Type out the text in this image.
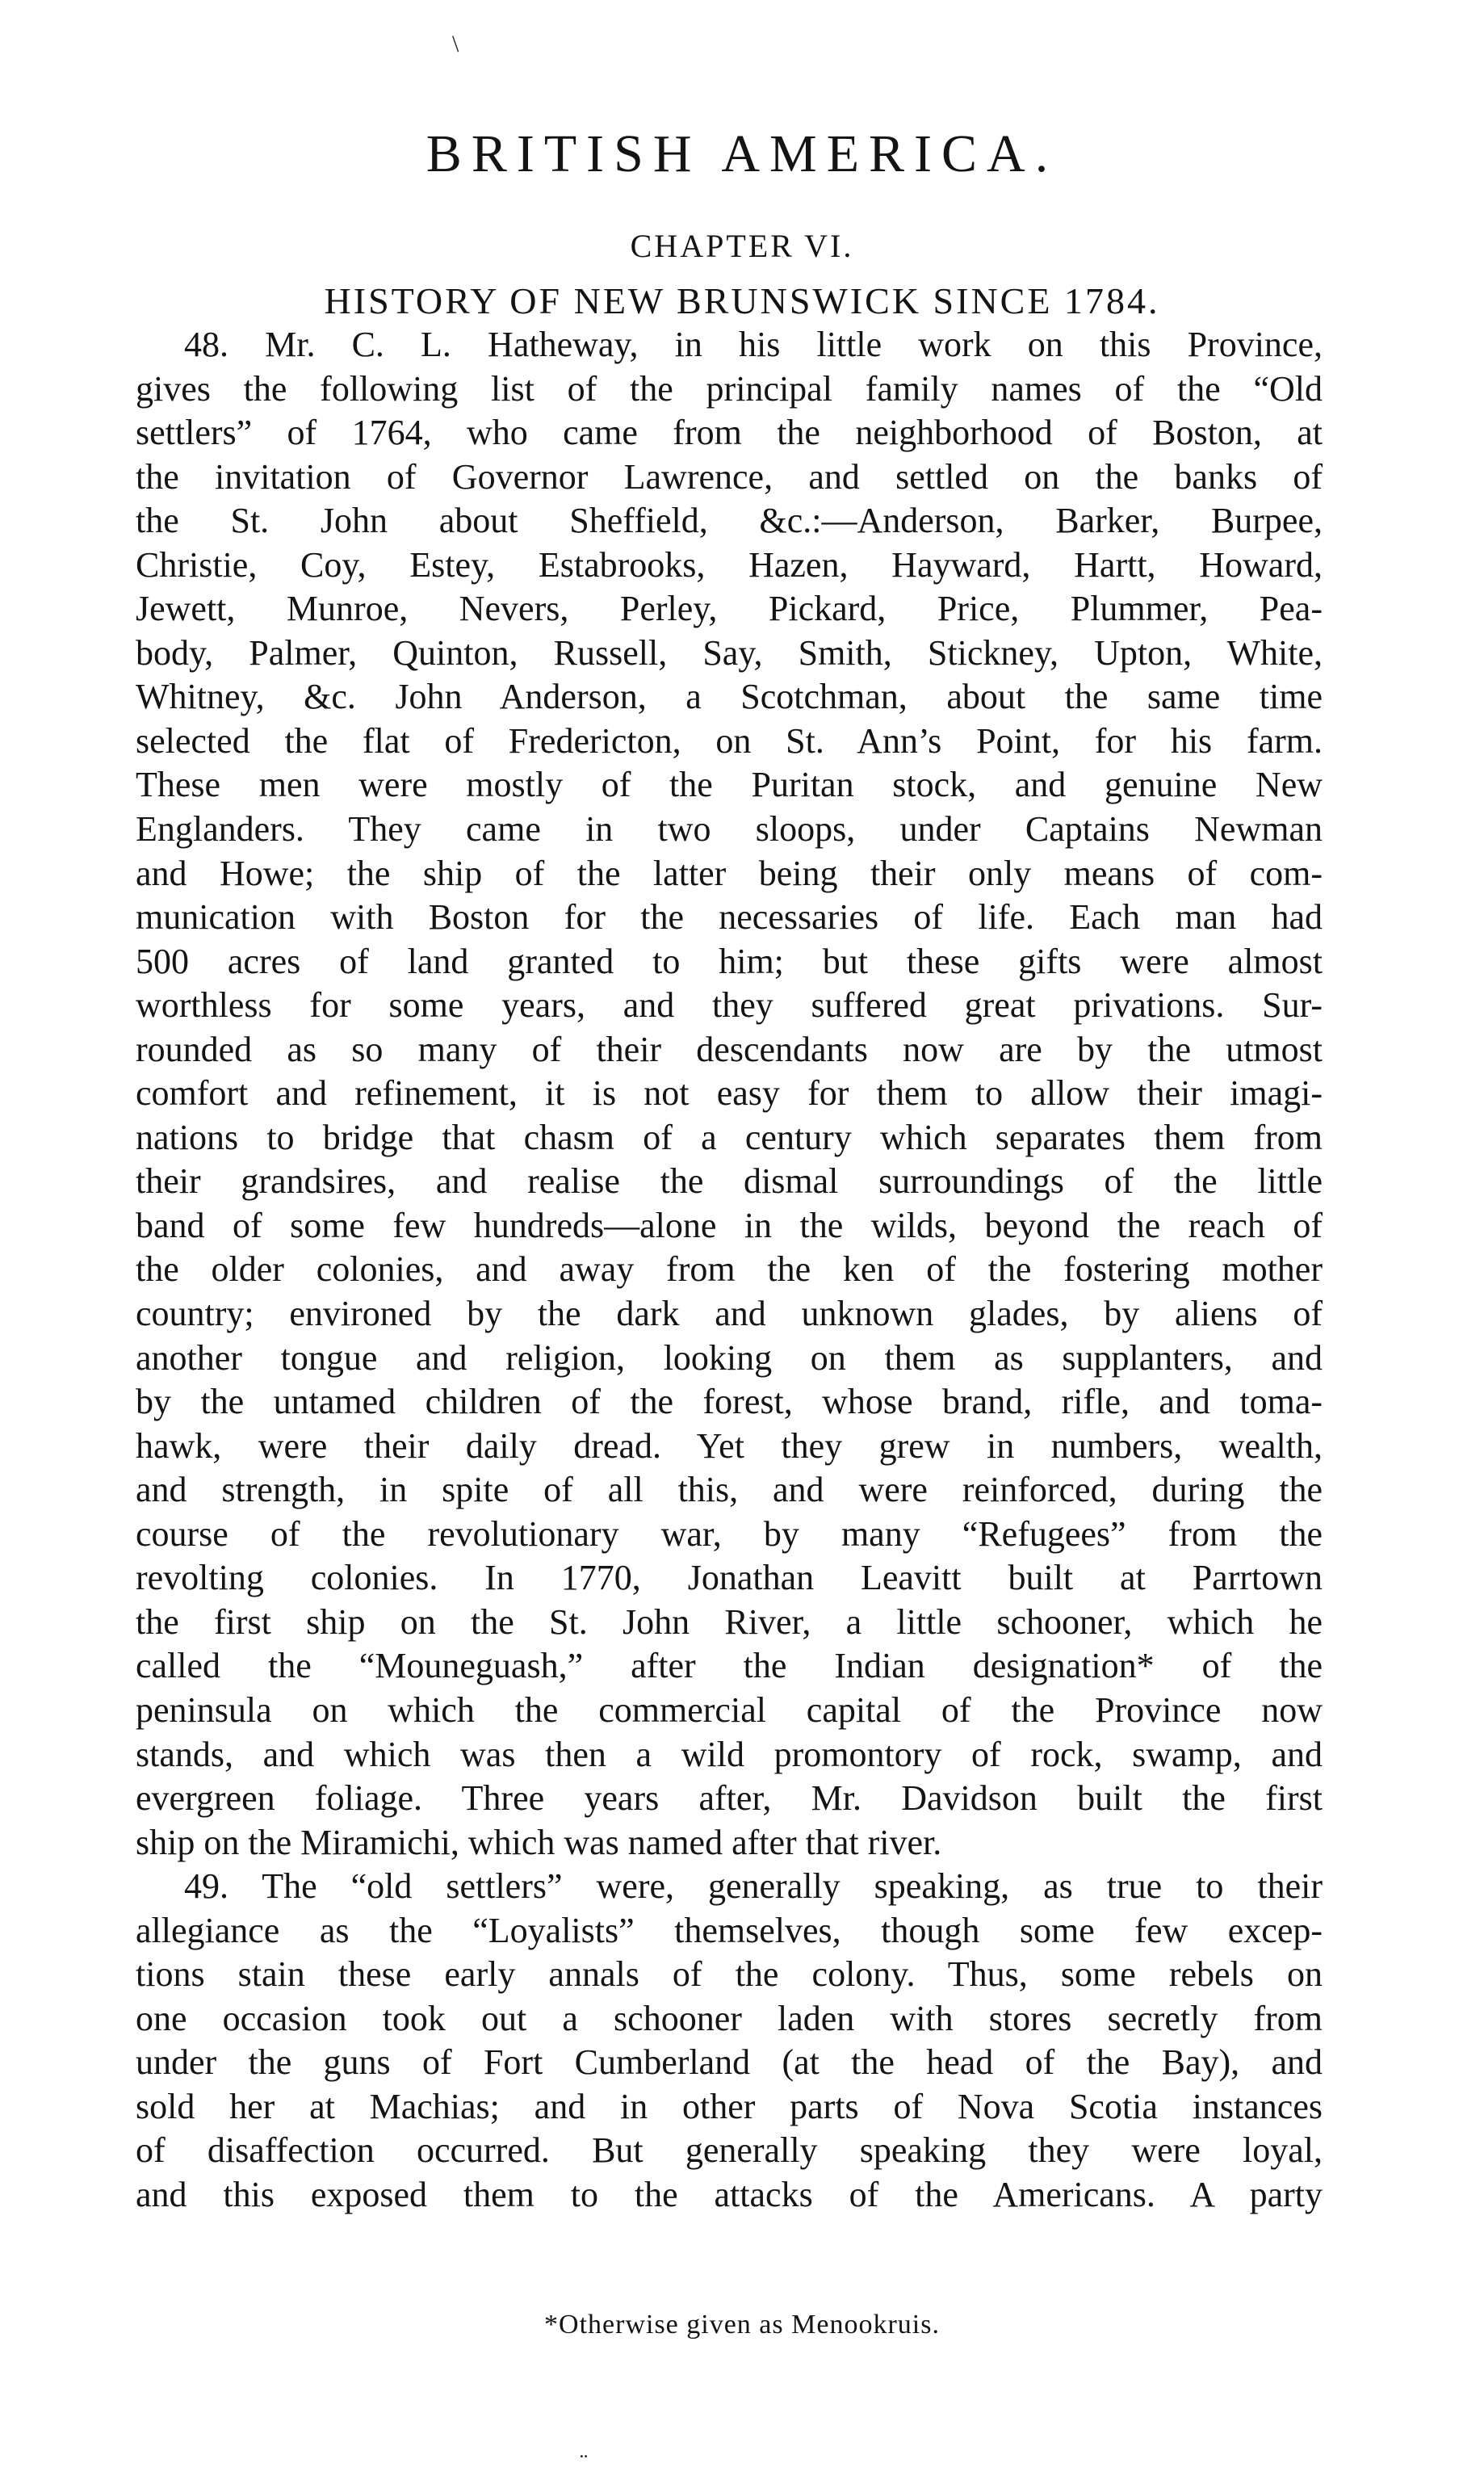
\
BRITISH AMERICA.
CHAPTER VI.
HISTORY OF NEW BRUNSWICK SINCE 1784.
48. Mr. C. L. Hatheway, in his little work on this Province,
gives the following list of the principal family names of the “Old
settlers” of 1764, who came from the neighborhood of Boston, at
the invitation of Governor Lawrence, and settled on the banks of
the St. John about Sheffield, &c.:—Anderson, Barker, Burpee,
Christie, Coy, Estey, Estabrooks, Hazen, Hayward, Hartt, Howard,
Jewett, Munroe, Nevers, Perley, Pickard, Price, Plummer, Pea-
body, Palmer, Quinton, Russell, Say, Smith, Stickney, Upton, White,
Whitney, &c. John Anderson, a Scotchman, about the same time
selected the flat of Fredericton, on St. Ann’s Point, for his farm.
These men were mostly of the Puritan stock, and genuine New
Englanders. They came in two sloops, under Captains Newman
and Howe; the ship of the latter being their only means of com-
munication with Boston for the necessaries of life. Each man had
500 acres of land granted to him; but these gifts were almost
worthless for some years, and they suffered great privations. Sur-
rounded as so many of their descendants now are by the utmost
comfort and refinement, it is not easy for them to allow their imagi-
nations to bridge that chasm of a century which separates them from
their grandsires, and realise the dismal surroundings of the little
band of some few hundreds—alone in the wilds, beyond the reach of
the older colonies, and away from the ken of the fostering mother
country; environed by the dark and unknown glades, by aliens of
another tongue and religion, looking on them as supplanters, and
by the untamed children of the forest, whose brand, rifle, and toma-
hawk, were their daily dread. Yet they grew in numbers, wealth,
and strength, in spite of all this, and were reinforced, during the
course of the revolutionary war, by many “Refugees” from the
revolting colonies. In 1770, Jonathan Leavitt built at Parrtown
the first ship on the St. John River, a little schooner, which he
called the “Mouneguash,” after the Indian designation* of the
peninsula on which the commercial capital of the Province now
stands, and which was then a wild promontory of rock, swamp, and
evergreen foliage. Three years after, Mr. Davidson built the first
ship on the Miramichi, which was named after that river.
49. The “old settlers” were, generally speaking, as true to their
allegiance as the “Loyalists” themselves, though some few excep-
tions stain these early annals of the colony. Thus, some rebels on
one occasion took out a schooner laden with stores secretly from
under the guns of Fort Cumberland (at the head of the Bay), and
sold her at Machias; and in other parts of Nova Scotia instances
of disaffection occurred. But generally speaking they were loyal,
and this exposed them to the attacks of the Americans. A party
*Otherwise given as Menookruis.
¨
